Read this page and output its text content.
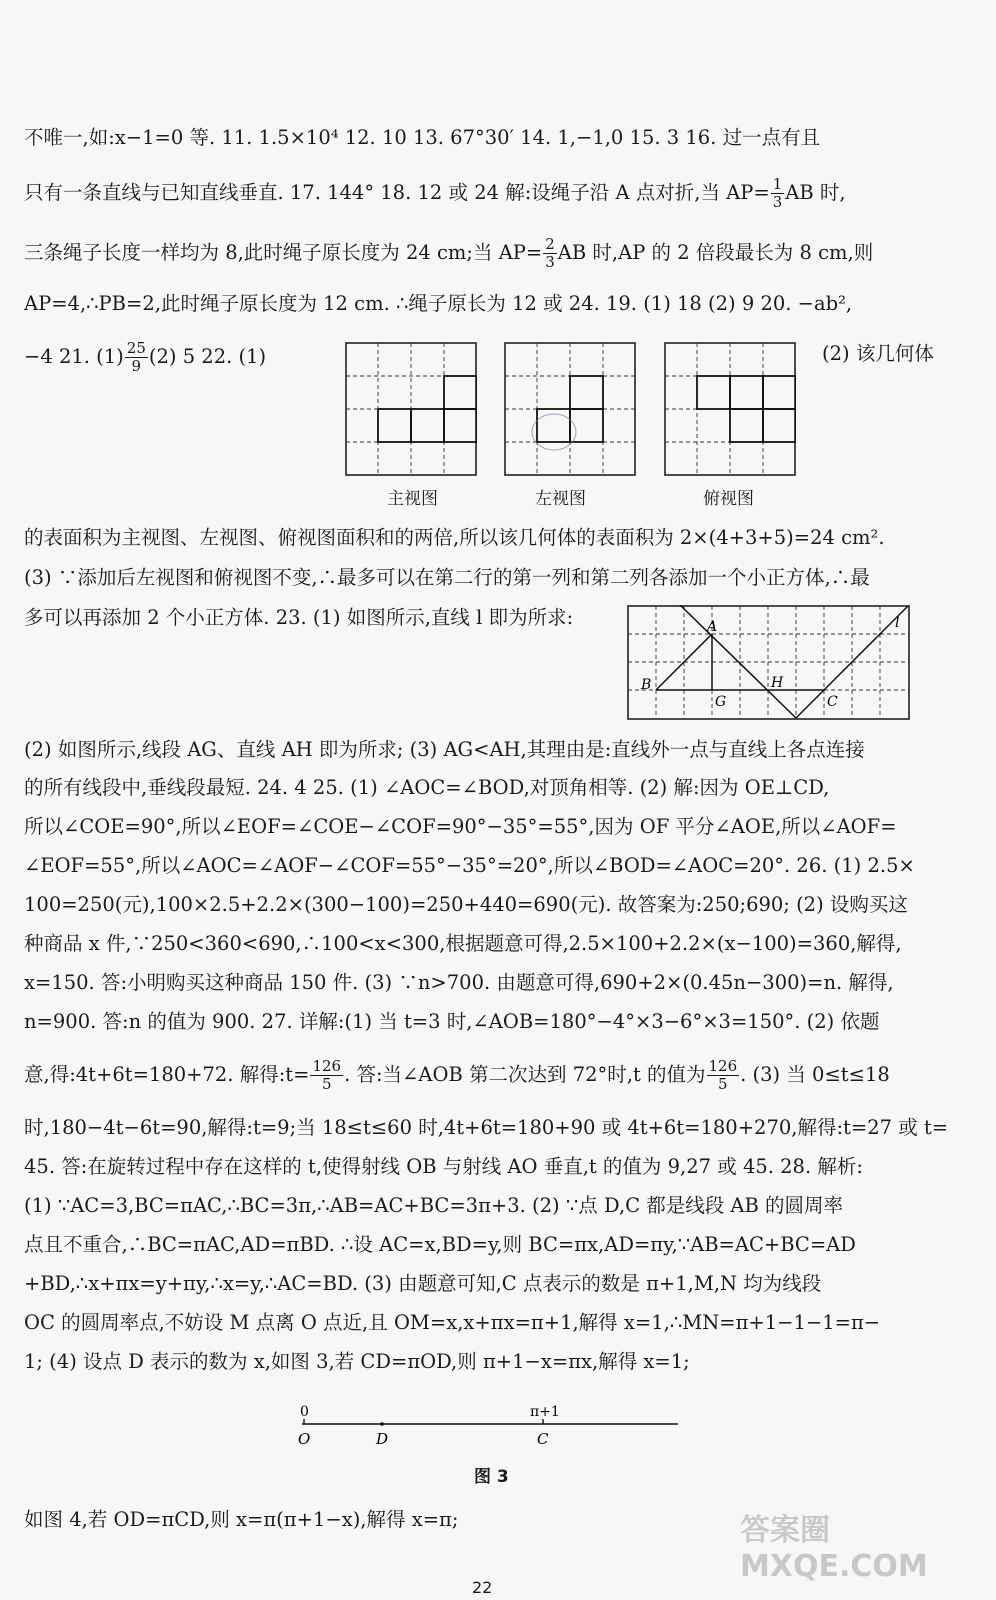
不唯一,如:x−1=0 等. 11. 1.5×10⁴ 12. 10 13. 67°30′ 14. 1,−1,0 15. 3 16. 过一点有且
只有一条直线与已知直线垂直. 17. 144° 18. 12 或 24 解:设绳子沿 A 点对折,当 $AP= \frac{1}{3}$ AB 时,
三条绳子长度一样均为 8,此时绳子原长度为 24 cm;当 $AP= \frac{2}{3}$ AB 时,AP 的 2 倍段最长为 8 cm,则
AP=4,∴PB=2,此时绳子原长度为 12 cm. ∴绳子原长为 12 或 24. 19. (1) 18 (2) 9 20. −ab²,
−4 21. $(1) \frac{25}{9} (2)$ 5 22. (1)	(2) 该几何体
主视图	左视图	俯视图
的表面积为主视图、左视图、俯视图面积和的两倍,所以该几何体的表面积为 2×(4+3+5)=24 cm².
(3) ∵添加后左视图和俯视图不变,∴最多可以在第二行的第一列和第二列各添加一个小正方体,∴最
多可以再添加 2 个小正方体. 23. (1) 如图所示,直线 l 即为所求:	A
B
G
H
C
l
(2) 如图所示,线段 AG、直线 AH 即为所求; (3) AG<AH,其理由是:直线外一点与直线上各点连接
的所有线段中,垂线段最短. 24. 4 25. (1) ∠AOC=∠BOD,对顶角相等. (2) 解:因为 OE⊥CD,
所以∠COE=90°,所以∠EOF=∠COE−∠COF=90°−35°=55°,因为 OF 平分∠AOE,所以∠AOF=
∠EOF=55°,所以∠AOC=∠AOF−∠COF=55°−35°=20°,所以∠BOD=∠AOC=20°. 26. (1) 2.5×
100=250(元),100×2.5+2.2×(300−100)=250+440=690(元). 故答案为:250;690; (2) 设购买这
种商品 x 件,∵250<360<690,∴100<x<300,根据题意可得,2.5×100+2.2×(x−100)=360,解得,
x=150. 答:小明购买这种商品 150 件. (3) ∵n>700. 由题意可得,690+2×(0.45n−300)=n. 解得,
n=900. 答:n 的值为 900. 27. 详解:(1) 当 t=3 时,∠AOB=180°−4°×3−6°×3=150°. (2) 依题
意,得:4t+6t=180+72. 解得:t= $\frac{126}{5}$ . 答:当∠AOB 第二次达到 72°时,t 的值为 $\frac{126}{5}$ . (3) 当 0≤t≤18
时,180−4t−6t=90,解得:t=9;当 18≤t≤60 时,4t+6t=180+90 或 4t+6t=180+270,解得:t=27 或 t=
45. 答:在旋转过程中存在这样的 t,使得射线 OB 与射线 AO 垂直,t 的值为 9,27 或 45. 28. 解析:
(1) ∵AC=3,BC=πAC,∴BC=3π,∴AB=AC+BC=3π+3. (2) ∵点 D,C 都是线段 AB 的圆周率
点且不重合,∴BC=πAC,AD=πBD. ∴设 AC=x,BD=y,则 BC=πx,AD=πy,∵AB=AC+BC=AD
+BD,∴x+πx=y+πy,∴x=y,∴AC=BD. (3) 由题意可知,C 点表示的数是 π+1,M,N 均为线段
OC 的圆周率点,不妨设 M 点离 O 点近,且 OM=x,x+πx=π+1,解得 x=1,∴MN=π+1−1−1=π−
1; (4) 设点 D 表示的数为 x,如图 3,若 CD=πOD,则 π+1−x=πx,解得 x=1;
0
O	D
π+1
C
图 3
如图 4,若 OD=πCD,则 x=π(π+1−x),解得 x=π;
22
答案圈 MXQE.COM
